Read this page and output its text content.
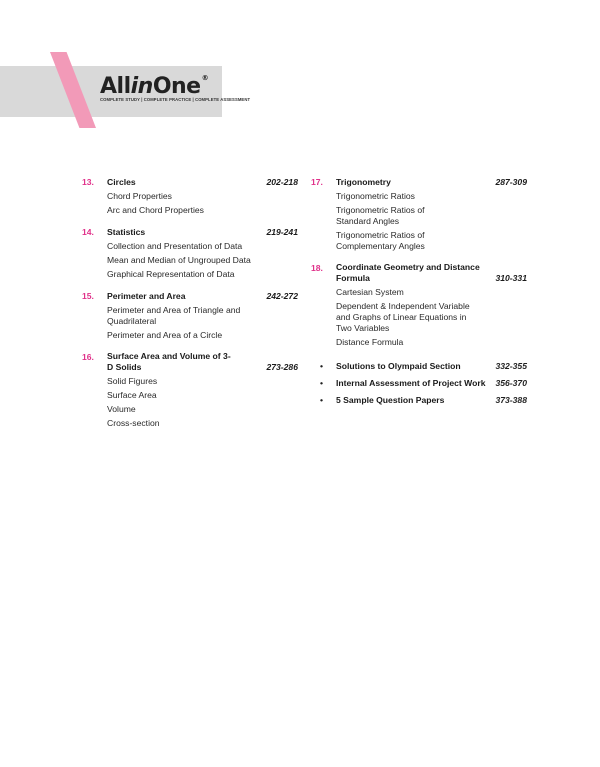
AllinOne®
COMPLETE STUDY | COMPLETE PRACTICE | COMPLETE ASSESSMENT
13. Circles	202-218
Chord Properties
Arc and Chord Properties
14. Statistics	219-241
Collection and Presentation of Data
Mean and Median of Ungrouped Data
Graphical Representation of Data
15. Perimeter and Area	242-272
Perimeter and Area of Triangle and Quadrilateral
Perimeter and Area of a Circle
16. Surface Area and Volume of 3-D Solids	273-286
Solid Figures
Surface Area
Volume
Cross-section
17. Trigonometry	287-309
Trigonometric Ratios
Trigonometric Ratios of Standard Angles
Trigonometric Ratios of Complementary Angles
18. Coordinate Geometry and Distance Formula	310-331
Cartesian System
Dependent & Independent Variable and Graphs of Linear Equations in Two Variables
Distance Formula
• Solutions to Olympaid Section	332-355
• Internal Assessment of Project Work 356-370
• 5 Sample Question Papers	373-388
